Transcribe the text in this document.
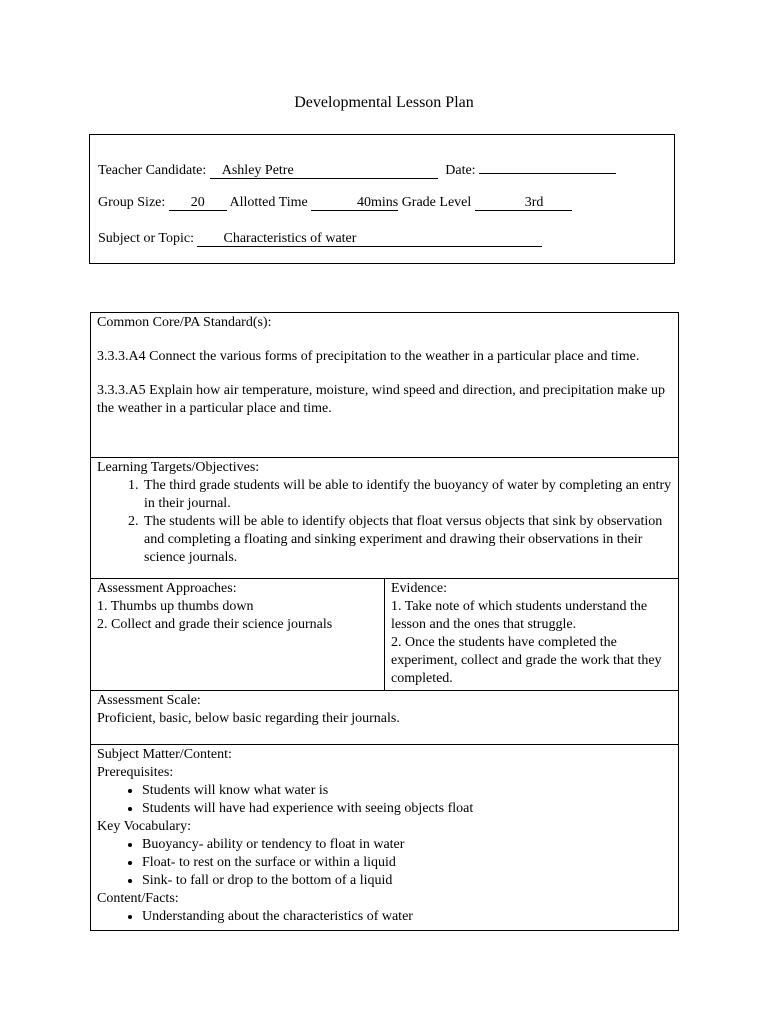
Developmental Lesson Plan
Teacher Candidate: Ashley Petre	Date:
Group Size: 20 Allotted Time	40mins Grade Level	3rd
Subject or Topic: Characteristics of water

Common Core/PA Standard(s):

3.3.3.A4 Connect the various forms of precipitation to the weather in a particular place and time.

3.3.3.A5 Explain how air temperature, moisture, wind speed and direction, and precipitation make up the weather in a particular place and time.

Learning Targets/Objectives:

1. The third grade students will be able to identify the buoyancy of water by completing an entry in their journal.
2. The students will be able to identify objects that float versus objects that sink by observation and completing a floating and sinking experiment and drawing their observations in their science journals.

Assessment Approaches:

1. Thumbs up thumbs down

2. Collect and grade their science journals

Evidence:

1. Take note of which students understand the lesson and the ones that struggle.

2. Once the students have completed the experiment, collect and grade the work that they completed.

Assessment Scale:

Proficient, basic, below basic regarding their journals.

Subject Matter/Content:

Prerequisites:

• Students will know what water is
• Students will have had experience with seeing objects float

Key Vocabulary:

• Buoyancy- ability or tendency to float in water
• Float- to rest on the surface or within a liquid
• Sink- to fall or drop to the bottom of a liquid

Content/Facts:

• Understanding about the characteristics of water
